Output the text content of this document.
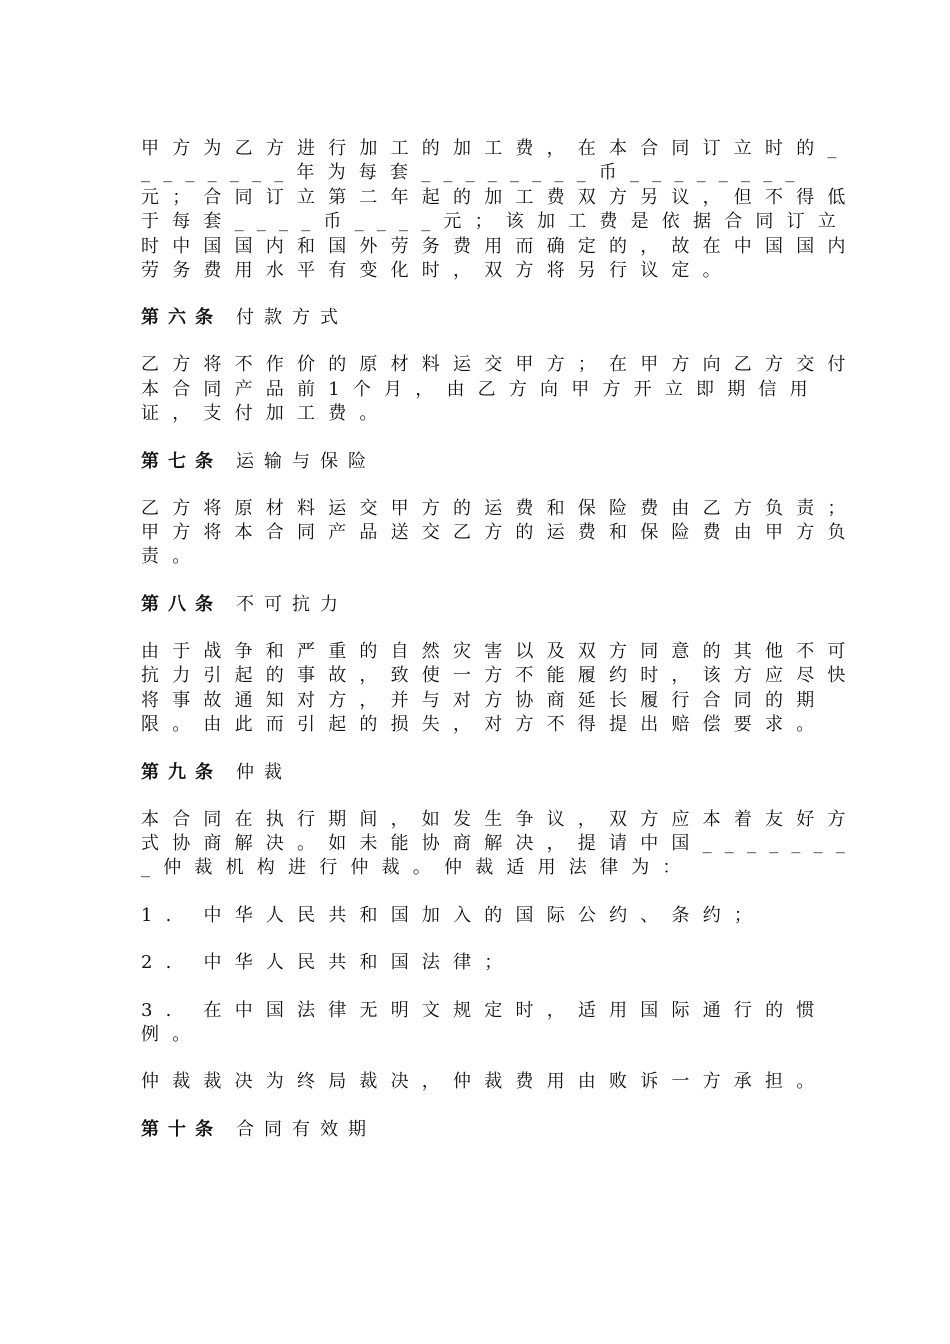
甲方为乙方进行加工的加工费，在本合同订立时的________年为每套________币________元；合同订立第二年起的加工费双方另议，但不得低于每套____币____元；该加工费是依据合同订立时中国国内和国外劳务费用而确定的，故在中国国内劳务费用水平有变化时，双方将另行议定。

第六条 付款方式

乙方将不作价的原材料运交甲方；在甲方向乙方交付本合同产品前1个月，由乙方向甲方开立即期信用证，支付加工费。

第七条 运输与保险

乙方将原材料运交甲方的运费和保险费由乙方负责；甲方将本合同产品送交乙方的运费和保险费由甲方负责。

第八条 不可抗力

由于战争和严重的自然灾害以及双方同意的其他不可抗力引起的事故，致使一方不能履约时，该方应尽快将事故通知对方，并与对方协商延长履行合同的期限。由此而引起的损失，对方不得提出赔偿要求。

第九条 仲裁

本合同在执行期间，如发生争议，双方应本着友好方式协商解决。如未能协商解决，提请中国________仲裁机构进行仲裁。仲裁适用法律为：

1. 中华人民共和国加入的国际公约、条约；

2. 中华人民共和国法律；

3. 在中国法律无明文规定时，适用国际通行的惯例。

仲裁裁决为终局裁决，仲裁费用由败诉一方承担。

第十条 合同有效期
